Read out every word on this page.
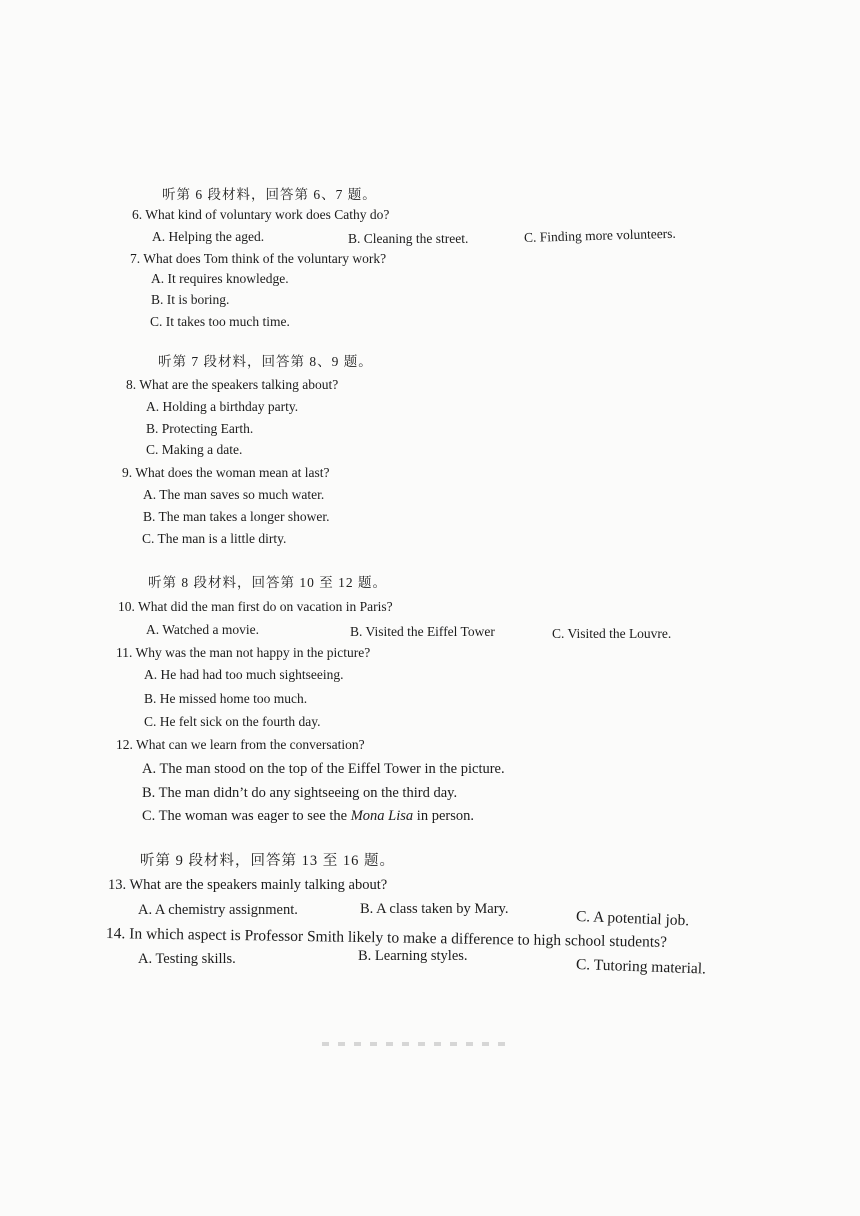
听第 6 段材料，回答第 6、7 题。
6. What kind of voluntary work does Cathy do?
A. Helping the aged.	B. Cleaning the street.	C. Finding more volunteers.
7. What does Tom think of the voluntary work?
A. It requires knowledge.
B. It is boring.
C. It takes too much time.
听第 7 段材料，回答第 8、9 题。
8. What are the speakers talking about?
A. Holding a birthday party.
B. Protecting Earth.
C. Making a date.
9. What does the woman mean at last?
A. The man saves so much water.
B. The man takes a longer shower.
C. The man is a little dirty.
听第 8 段材料，回答第 10 至 12 题。
10. What did the man first do on vacation in Paris?
A. Watched a movie.	B. Visited the Eiffel Tower	C. Visited the Louvre.
11. Why was the man not happy in the picture?
A. He had had too much sightseeing.
B. He missed home too much.
C. He felt sick on the fourth day.
12. What can we learn from the conversation?
A. The man stood on the top of the Eiffel Tower in the picture.
B. The man didn’t do any sightseeing on the third day.
C. The woman was eager to see the Mona Lisa in person.
听第 9 段材料，回答第 13 至 16 题。
13. What are the speakers mainly talking about?
A. A chemistry assignment.	B. A class taken by Mary.	C. A potential job.
14. In which aspect is Professor Smith likely to make a difference to high school students?
A. Testing skills.	B. Learning styles.
C. Tutoring material.
